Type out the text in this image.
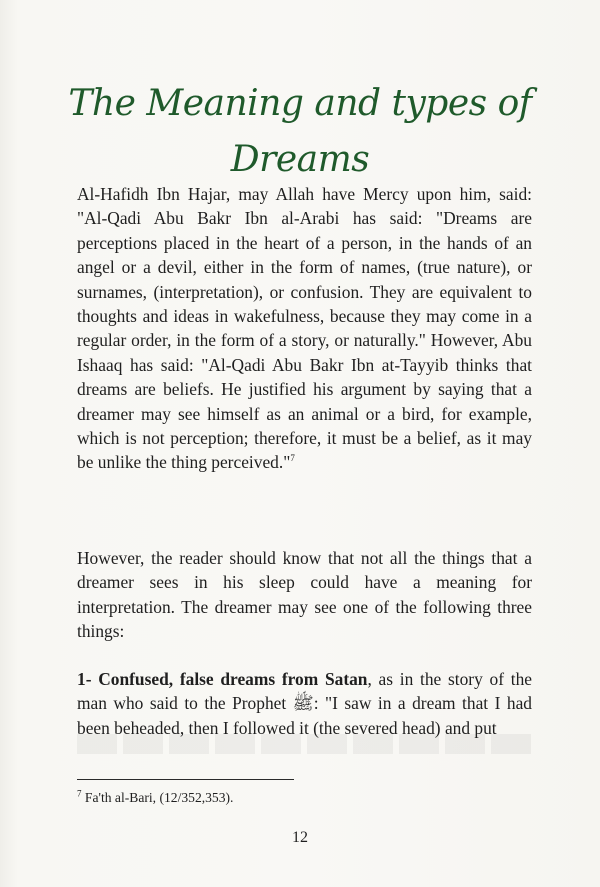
The Meaning and types of Dreams

Al-Hafidh Ibn Hajar, may Allah have Mercy upon him, said: "Al-Qadi Abu Bakr Ibn al-Arabi has said: "Dreams are perceptions placed in the heart of a person, in the hands of an angel or a devil, either in the form of names, (true nature), or surnames, (interpretation), or confusion. They are equivalent to thoughts and ideas in wakefulness, because they may come in a regular order, in the form of a story, or naturally." However, Abu Ishaaq has said: "Al-Qadi Abu Bakr Ibn at-Tayyib thinks that dreams are beliefs. He justified his argument by saying that a dreamer may see himself as an animal or a bird, for example, which is not perception; therefore, it must be a belief, as it may be unlike the thing perceived."$^7$

However, the reader should know that not all the things that a dreamer sees in his sleep could have a meaning for interpretation. The dreamer may see one of the following three things:

1- Confused, false dreams from Satan, as in the story of the man who said to the Prophet ﷺ: "I saw in a dream that I had been beheaded, then I followed it (the severed head) and put

$^7$ Fa'th al-Bari, (12/352,353).

12
